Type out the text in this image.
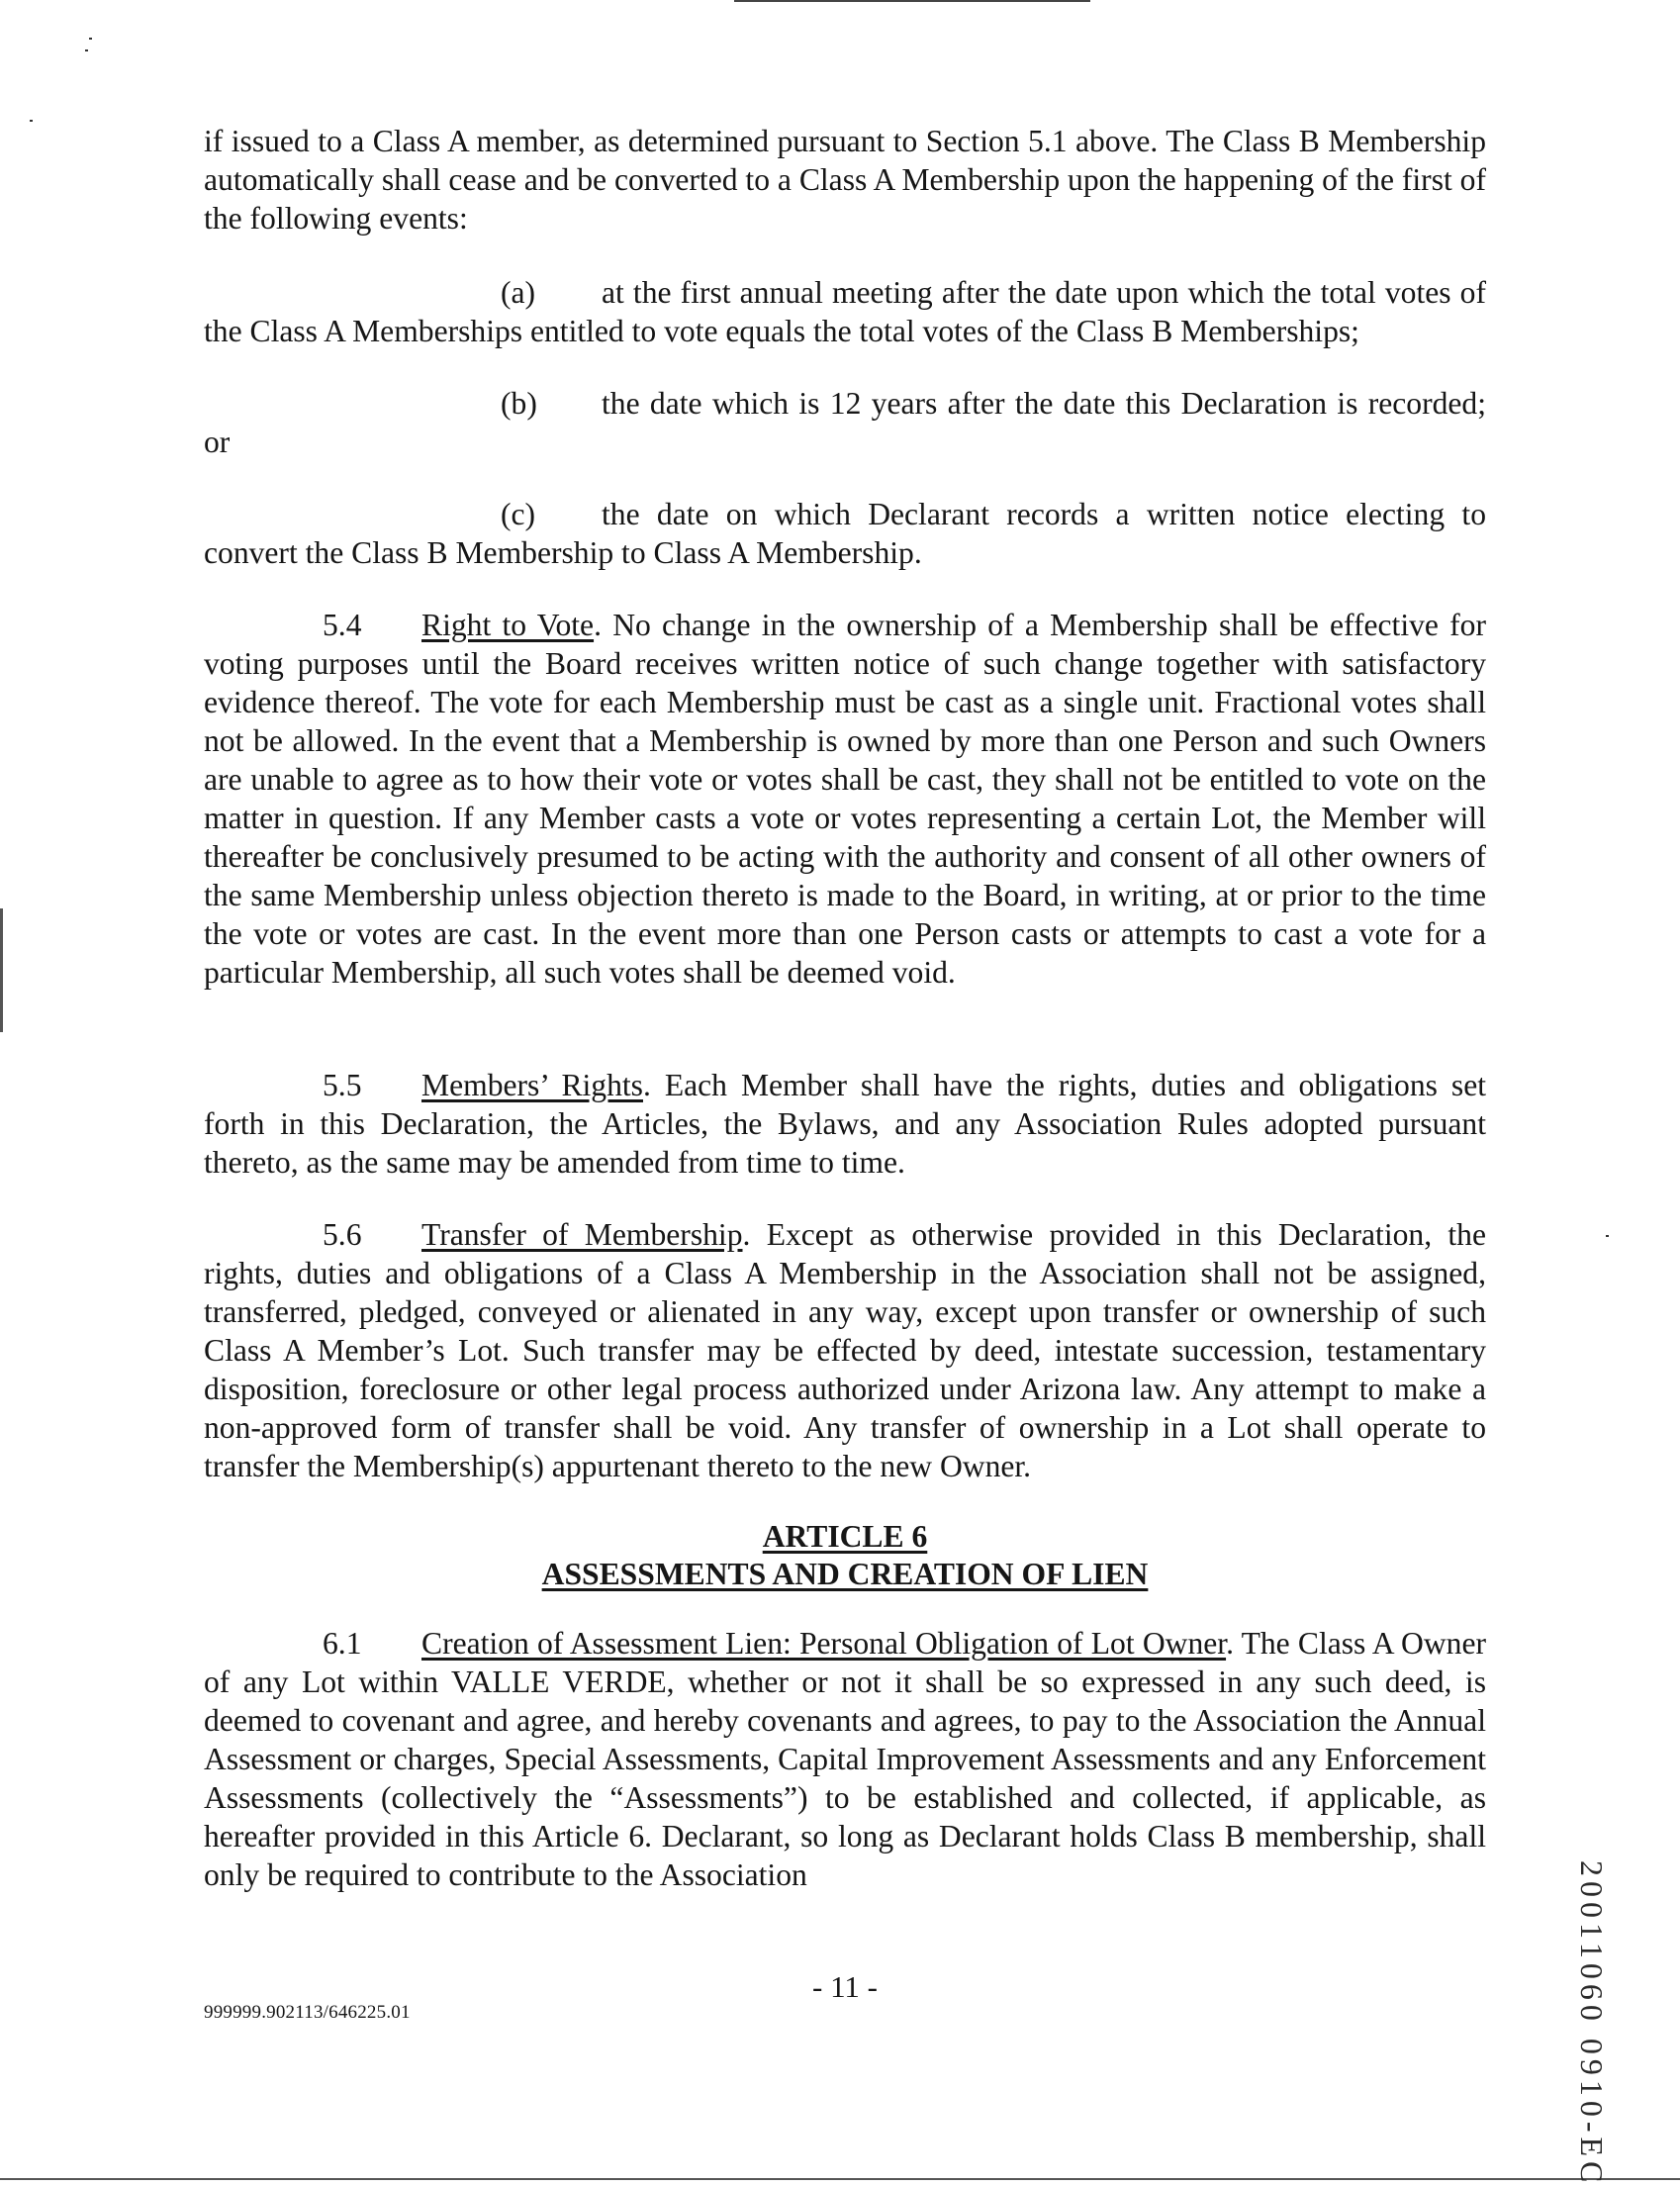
if issued to a Class A member, as determined pursuant to Section 5.1 above. The Class B Membership automatically shall cease and be converted to a Class A Membership upon the happening of the first of the following events:

(a) at the first annual meeting after the date upon which the total votes of the Class A Memberships entitled to vote equals the total votes of the Class B Memberships;

(b) the date which is 12 years after the date this Declaration is recorded; or

(c) the date on which Declarant records a written notice electing to convert the Class B Membership to Class A Membership.

5.4 Right to Vote. No change in the ownership of a Membership shall be effective for voting purposes until the Board receives written notice of such change together with satisfactory evidence thereof. The vote for each Membership must be cast as a single unit. Fractional votes shall not be allowed. In the event that a Membership is owned by more than one Person and such Owners are unable to agree as to how their vote or votes shall be cast, they shall not be entitled to vote on the matter in question. If any Member casts a vote or votes representing a certain Lot, the Member will thereafter be conclusively presumed to be acting with the authority and consent of all other owners of the same Membership unless objection thereto is made to the Board, in writing, at or prior to the time the vote or votes are cast. In the event more than one Person casts or attempts to cast a vote for a particular Membership, all such votes shall be deemed void.

5.5 Members’ Rights. Each Member shall have the rights, duties and obligations set forth in this Declaration, the Articles, the Bylaws, and any Association Rules adopted pursuant thereto, as the same may be amended from time to time.

5.6 Transfer of Membership. Except as otherwise provided in this Declaration, the rights, duties and obligations of a Class A Membership in the Association shall not be assigned, transferred, pledged, conveyed or alienated in any way, except upon transfer or ownership of such Class A Member’s Lot. Such transfer may be effected by deed, intestate succession, testamentary disposition, foreclosure or other legal process authorized under Arizona law. Any attempt to make a non-approved form of transfer shall be void. Any transfer of ownership in a Lot shall operate to transfer the Membership(s) appurtenant thereto to the new Owner.

6.1 Creation of Assessment Lien: Personal Obligation of Lot Owner. The Class A Owner of any Lot within VALLE VERDE, whether or not it shall be so expressed in any such deed, is deemed to covenant and agree, and hereby covenants and agrees, to pay to the Association the Annual Assessment or charges, Special Assessments, Capital Improvement Assessments and any Enforcement Assessments (collectively the “Assessments”) to be established and collected, if applicable, as hereafter provided in this Article 6. Declarant, so long as Declarant holds Class B membership, shall only be required to contribute to the Association

ARTICLE 6
ASSESSMENTS AND CREATION OF LIEN
- 11 -
999999.902113/646225.01	20011060 0910-EC
